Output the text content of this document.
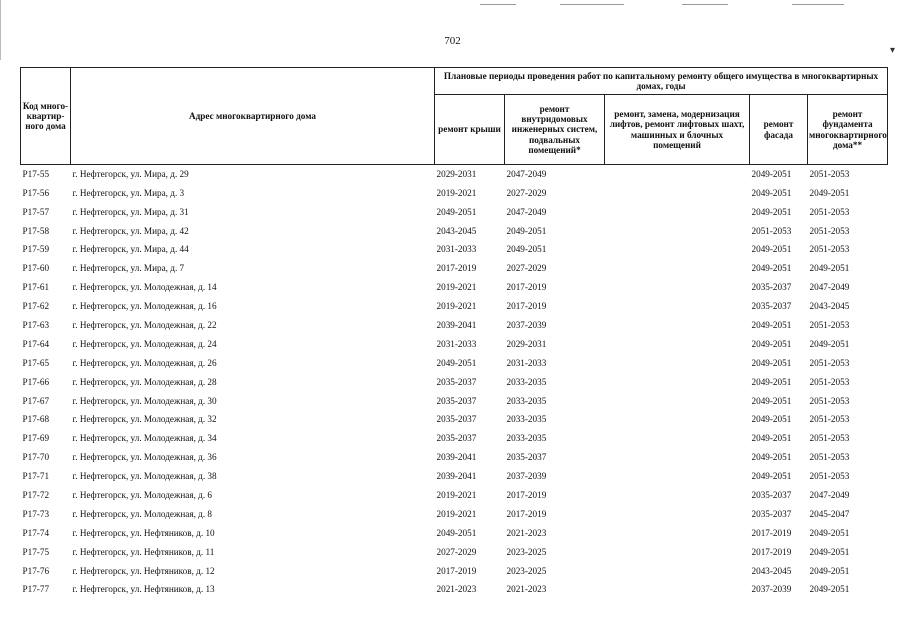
▾
702
Код много-квартир-ного дома	Адрес многоквартирного дома	Плановые периоды проведения работ по капитальному ремонту общего имущества в многоквартирных домах, годы				
		ремонт крыши	ремонт внутридомовых инженерных систем, подвальных помещений*	ремонт, замена, модернизация лифтов, ремонт лифтовых шахт, машинных и блочных помещений	ремонт фасада	ремонт фундамента многоквартирного дома**
Р17-55	г. Нефтегорск, ул. Мира, д. 29	2029-2031	2047-2049		2049-2051	2051-2053
Р17-56	г. Нефтегорск, ул. Мира, д. 3	2019-2021	2027-2029		2049-2051	2049-2051
Р17-57	г. Нефтегорск, ул. Мира, д. 31	2049-2051	2047-2049		2049-2051	2051-2053
Р17-58	г. Нефтегорск, ул. Мира, д. 42	2043-2045	2049-2051		2051-2053	2051-2053
Р17-59	г. Нефтегорск, ул. Мира, д. 44	2031-2033	2049-2051		2049-2051	2051-2053
Р17-60	г. Нефтегорск, ул. Мира, д. 7	2017-2019	2027-2029		2049-2051	2049-2051
Р17-61	г. Нефтегорск, ул. Молодежная, д. 14	2019-2021	2017-2019		2035-2037	2047-2049
Р17-62	г. Нефтегорск, ул. Молодежная, д. 16	2019-2021	2017-2019		2035-2037	2043-2045
Р17-63	г. Нефтегорск, ул. Молодежная, д. 22	2039-2041	2037-2039		2049-2051	2051-2053
Р17-64	г. Нефтегорск, ул. Молодежная, д. 24	2031-2033	2029-2031		2049-2051	2049-2051
Р17-65	г. Нефтегорск, ул. Молодежная, д. 26	2049-2051	2031-2033		2049-2051	2051-2053
Р17-66	г. Нефтегорск, ул. Молодежная, д. 28	2035-2037	2033-2035		2049-2051	2051-2053
Р17-67	г. Нефтегорск, ул. Молодежная, д. 30	2035-2037	2033-2035		2049-2051	2051-2053
Р17-68	г. Нефтегорск, ул. Молодежная, д. 32	2035-2037	2033-2035		2049-2051	2051-2053
Р17-69	г. Нефтегорск, ул. Молодежная, д. 34	2035-2037	2033-2035		2049-2051	2051-2053
Р17-70	г. Нефтегорск, ул. Молодежная, д. 36	2039-2041	2035-2037		2049-2051	2051-2053
Р17-71	г. Нефтегорск, ул. Молодежная, д. 38	2039-2041	2037-2039		2049-2051	2051-2053
Р17-72	г. Нефтегорск, ул. Молодежная, д. 6	2019-2021	2017-2019		2035-2037	2047-2049
Р17-73	г. Нефтегорск, ул. Молодежная, д. 8	2019-2021	2017-2019		2035-2037	2045-2047
Р17-74	г. Нефтегорск, ул. Нефтяников, д. 10	2049-2051	2021-2023		2017-2019	2049-2051
Р17-75	г. Нефтегорск, ул. Нефтяников, д. 11	2027-2029	2023-2025		2017-2019	2049-2051
Р17-76	г. Нефтегорск, ул. Нефтяников, д. 12	2017-2019	2023-2025		2043-2045	2049-2051
Р17-77	г. Нефтегорск, ул. Нефтяников, д. 13	2021-2023	2021-2023		2037-2039	2049-2051
